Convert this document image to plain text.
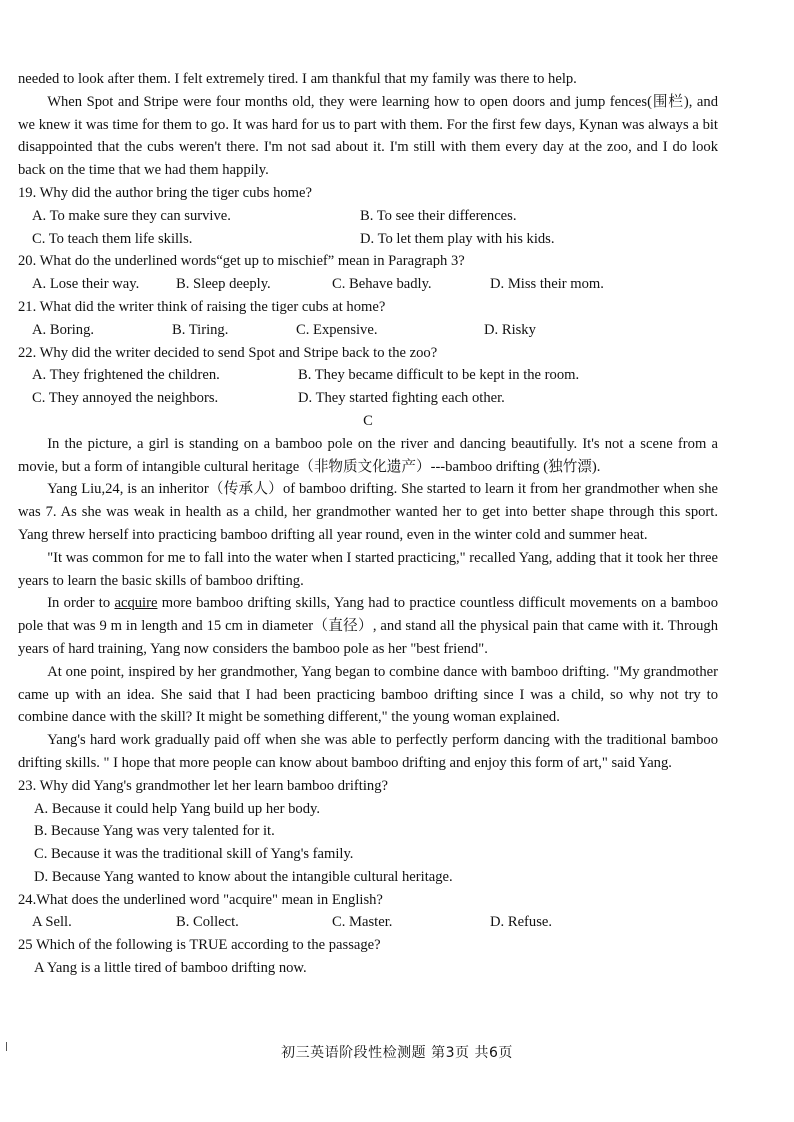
needed to look after them. I felt extremely tired. I am thankful that my family was there to help.

When Spot and Stripe were four months old, they were learning how to open doors and jump fences(围栏), and we knew it was time for them to go. It was hard for us to part with them. For the first few days, Kynan was always a bit disappointed that the cubs weren't there. I'm not sad about it. I'm still with them every day at the zoo, and I do look back on the time that we had them happily.

19. Why did the author bring the tiger cubs home?

A. To make sure they can survive.	B. To see their differences.
C. To teach them life skills.	D. To let them play with his kids.

20. What do the underlined words“get up to mischief” mean in Paragraph 3?

A. Lose their way.	B. Sleep deeply.	C. Behave badly.	D. Miss their mom.

21. What did the writer think of raising the tiger cubs at home?

A. Boring.	B. Tiring.	C. Expensive.	D. Risky

22. Why did the writer decided to send Spot and Stripe back to the zoo?

A. They frightened the children.	B. They became difficult to be kept in the room.
C. They annoyed the neighbors.	D. They started fighting each other.

C

In the picture, a girl is standing on a bamboo pole on the river and dancing beautifully. It's not a scene from a movie, but a form of intangible cultural heritage（非物质文化遗产）---bamboo drifting (独竹漂).

Yang Liu,24, is an inheritor（传承人）of bamboo drifting. She started to learn it from her grandmother when she was 7. As she was weak in health as a child, her grandmother wanted her to get into better shape through this sport. Yang threw herself into practicing bamboo drifting all year round, even in the winter cold and summer heat.

"It was common for me to fall into the water when I started practicing," recalled Yang, adding that it took her three years to learn the basic skills of bamboo drifting.

In order to acquire more bamboo drifting skills, Yang had to practice countless difficult movements on a bamboo pole that was 9 m in length and 15 cm in diameter（直径）, and stand all the physical pain that came with it. Through years of hard training, Yang now considers the bamboo pole as her "best friend".

At one point, inspired by her grandmother, Yang began to combine dance with bamboo drifting. "My grandmother came up with an idea. She said that I had been practicing bamboo drifting since I was a child, so why not try to combine dance with the skill? It might be something different," the young woman explained.

Yang's hard work gradually paid off when she was able to perfectly perform dancing with the traditional bamboo drifting skills. " I hope that more people can know about bamboo drifting and enjoy this form of art," said Yang.

23. Why did Yang's grandmother let her learn bamboo drifting?

A. Because it could help Yang build up her body.
B. Because Yang was very talented for it.
C. Because it was the traditional skill of Yang's family.
D. Because Yang wanted to know about the intangible cultural heritage.

24.What does the underlined word "acquire" mean in English?

A Sell.	B. Collect.	C. Master.	D. Refuse.

25 Which of the following is TRUE according to the passage?

A Yang is a little tired of bamboo drifting now.
初三英语阶段性检测题 第3页 共6页
